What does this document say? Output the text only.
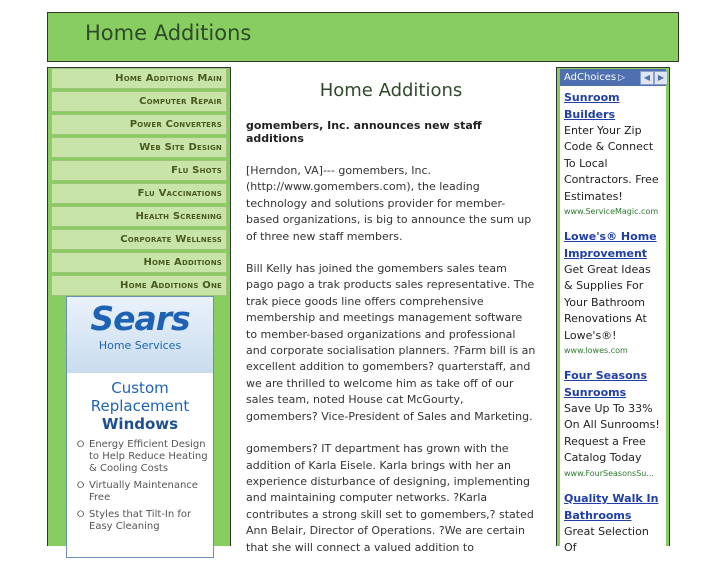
Home Additions
Home Additions Main
Computer Repair
Power Converters
Web Site Design
Flu Shots
Flu Vaccinations
Health Screening
Corporate Wellness
Home Additions
Home Additions One
Sears
Home Services
Custom
Replacement
Windows
⭘ Energy Efficient Design to Help Reduce Heating & Cooling Costs
⭘ Virtually Maintenance Free
⭘ Styles that Tilt-In for Easy Cleaning
Home Additions
gomembers, Inc. announces new staff additions

[Herndon, VA]--- gomembers, Inc. (http://www.gomembers.com), the leading technology and solutions provider for member-based organizations, is big to announce the sum up of three new staff members.

Bill Kelly has joined the gomembers sales team pago pago a trak products sales representative. The trak piece goods line offers comprehensive membership and meetings management software to member-based organizations and professional and corporate socialisation planners. ?Farm bill is an excellent addition to gomembers? quarterstaff, and we are thrilled to welcome him as take off of our sales team, noted House cat McGourty, gomembers? Vice-President of Sales and Marketing.

gomembers? IT department has grown with the addition of Karla Eisele. Karla brings with her an experience disturbance of designing, implementing and maintaining computer networks. ?Karla contributes a strong skill set to gomembers,? stated Ann Belair, Director of Operations. ?We are certain that she will connect a valued addition to

AdChoices ▷	◀ ▶
Sunroom Builders
Enter Your Zip Code & Connect To Local Contractors. Free Estimates!
www.ServiceMagic.com
Lowe's® Home Improvement
Get Great Ideas & Supplies For Your Bathroom Renovations At Lowe's®!
www.lowes.com
Four Seasons Sunrooms
Save Up To 33% On All Sunrooms! Request a Free Catalog Today
www.FourSeasonsSu...
Quality Walk In Bathrooms
Great Selection Of
